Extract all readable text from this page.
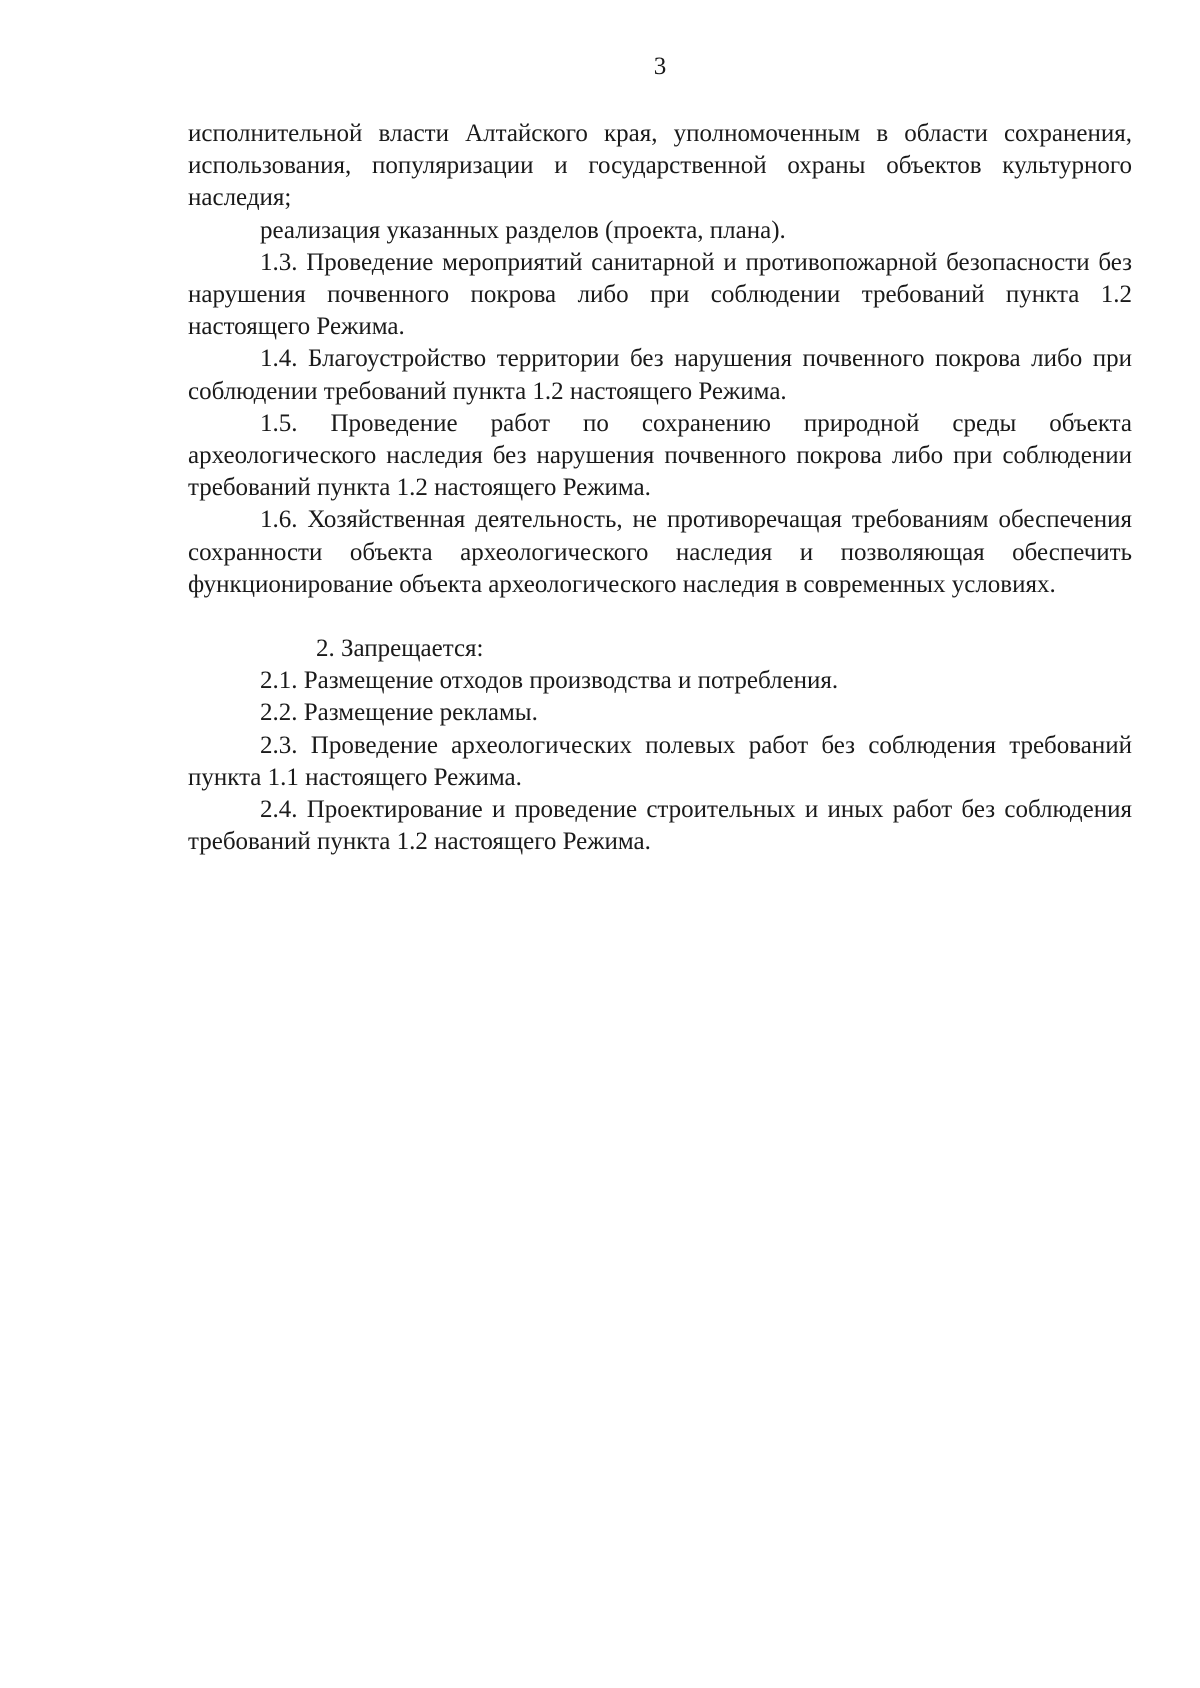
3

исполнительной власти Алтайского края, уполномоченным в области сохранения, использования, популяризации и государственной охраны объектов культурного наследия;

реализация указанных разделов (проекта, плана).

1.3. Проведение мероприятий санитарной и противопожарной безопасности без нарушения почвенного покрова либо при соблюдении требований пункта 1.2 настоящего Режима.

1.4. Благоустройство территории без нарушения почвенного покрова либо при соблюдении требований пункта 1.2 настоящего Режима.

1.5. Проведение работ по сохранению природной среды объекта археологического наследия без нарушения почвенного покрова либо при соблюдении требований пункта 1.2 настоящего Режима.

1.6. Хозяйственная деятельность, не противоречащая требованиям обеспечения сохранности объекта археологического наследия и позволяющая обеспечить функционирование объекта археологического наследия в современных условиях.

2. Запрещается:

2.1. Размещение отходов производства и потребления.

2.2. Размещение рекламы.

2.3. Проведение археологических полевых работ без соблюдения требований пункта 1.1 настоящего Режима.

2.4. Проектирование и проведение строительных и иных работ без соблюдения требований пункта 1.2 настоящего Режима.
